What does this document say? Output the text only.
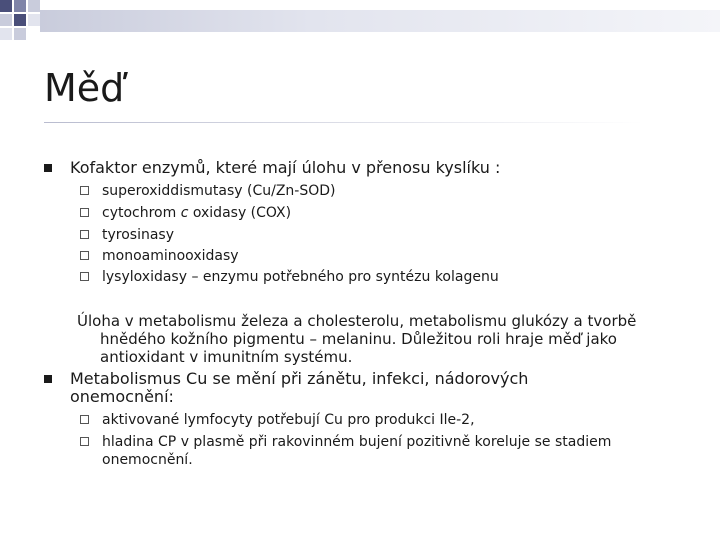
Měď
Kofaktor enzymů, které mají úlohu v přenosu kyslíku :
superoxiddismutasy (Cu/Zn-SOD)
cytochrom c oxidasy (COX)
tyrosinasy
monoaminooxidasy
lysyloxidasy – enzymu potřebného pro syntézu kolagenu
Úloha v metabolismu železa a cholesterolu, metabolismu glukózy a tvorbě
hnědého kožního pigmentu – melaninu. Důležitou roli hraje měď jako
antioxidant v imunitním systému.
Metabolismus Cu se mění při zánětu, infekci, nádorových
onemocnění:
aktivované lymfocyty potřebují Cu pro produkci Ile-2,
hladina CP v plasmě při rakovinném bujení pozitivně koreluje se stadiem
onemocnění.
